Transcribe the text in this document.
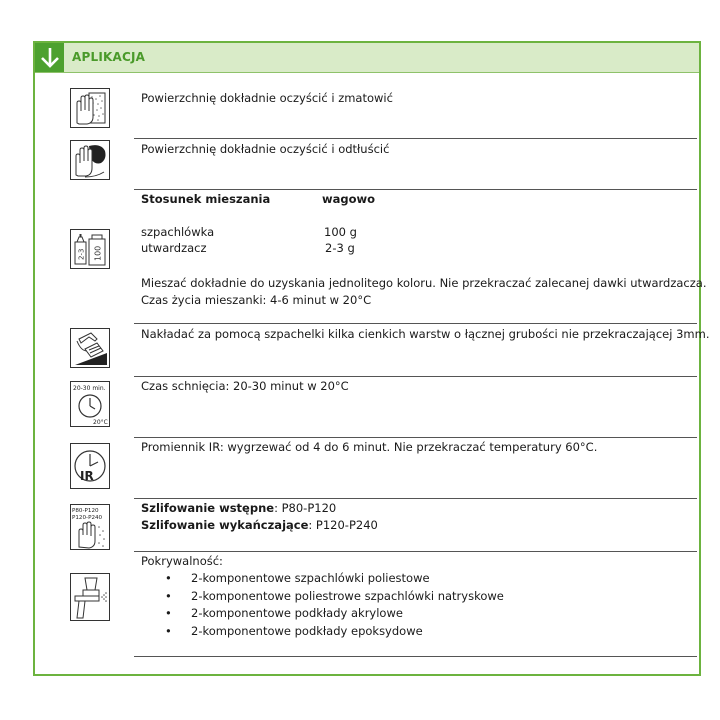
APLIKACJA
Powierzchnię dokładnie oczyścić i zmatowić
Powierzchnię dokładnie oczyścić i odtłuścić
2-3 100
Stosunek mieszania	wagowo
szpachlówka	100 g
utwardzacz	2-3 g
Mieszać dokładnie do uzyskania jednolitego koloru. Nie przekraczać zalecanej dawki utwardzacza.
Czas życia mieszanki: 4-6 minut w 20°C
Nakładać za pomocą szpachelki kilka cienkich warstw o łącznej grubości nie przekraczającej 3mm.
20-30 min.
20°C
Czas schnięcia: 20-30 minut w 20°C
IR
Promiennik IR: wygrzewać od 4 do 6 minut. Nie przekraczać temperatury 60°C.
P80-P120
P120-P240
Szlifowanie wstępne: P80-P120
Szlifowanie wykańczające: P120-P240
Pokrywalność:
• 2-komponentowe szpachlówki poliestowe
• 2-komponentowe poliestrowe szpachlówki natryskowe
• 2-komponentowe podkłady akrylowe
• 2-komponentowe podkłady epoksydowe
